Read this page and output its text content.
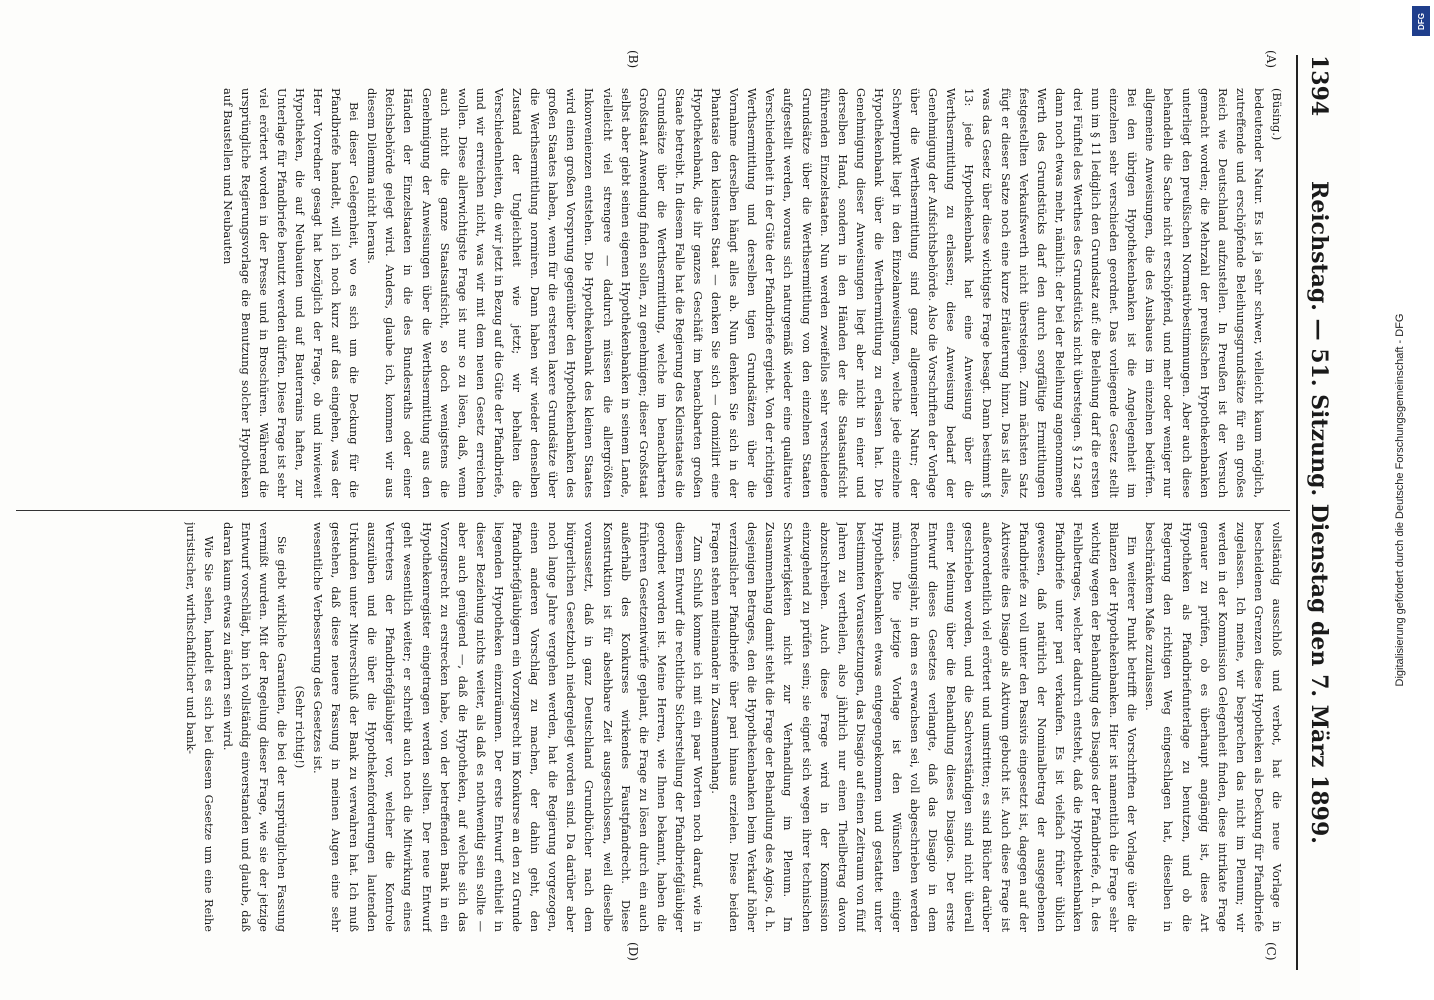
1394
Reichstag. — 51. Sitzung. Dienstag den 7. März 1899.
(A)
(B)
(C)
(D)

(Büsing.)

bedeutender Natur. Es ist ja sehr schwer, vielleicht kaum möglich, zutreffende und erschöpfende Beleihungsgrundsätze für ein großes Reich wie Deutschland aufzustellen. In Preußen ist der Versuch gemacht worden; die Mehrzahl der preußischen Hypothekenbanken unterliegt den preußischen Normativbestimmungen. Aber auch diese behandeln die Sache nicht erschöpfend, und mehr oder weniger nur allgemeine Anweisungen, die des Ausbaues im einzelnen bedürfen. Bei den übrigen Hypothekenbanken ist die Angelegenheit im einzelnen sehr verschieden geordnet. Das vorliegende Gesetz stellt nun im § 11 lediglich den Grundsatz auf: die Beleihung darf die ersten drei Fünftel des Werthes des Grundstücks nicht übersteigen. § 12 sagt dann noch etwas mehr, nämlich: der bei der Beleihung angenommene Werth des Grundstücks darf den durch sorgfältige Ermittlungen festgestellten Verkaufswerth nicht übersteigen. Zum nächsten Satz fügt er dieser Satze noch eine kurze Erläuterung hinzu. Das ist alles, was das Gesetz über diese wichtigste Frage besagt. Dann bestimmt § 13: jede Hypothekenbank hat eine Anweisung über die Werthsermittlung zu erlassen; diese Anweisung bedarf der Genehmigung der Aufsichtsbehörde. Also die Vorschriften der Vorlage über die Werthsermittlung sind ganz allgemeiner Natur; der Schwerpunkt liegt in den Einzelanweisungen, welche jede einzelne Hypothekenbank über die Werthermittlung zu erlassen hat. Die Genehmigung dieser Anweisungen liegt aber nicht in einer und derselben Hand, sondern in den Händen der die Staatsaufsicht führenden Einzelstaaten. Nun werden zweifellos sehr verschiedene Grundsätze über die Werthsermittlung von den einzelnen Staaten aufgestellt werden, woraus sich naturgemäß wieder eine qualitative Verschiedenheit in der Güte der Pfandbriefe ergiebt. Von der richtigen Werthsermittlung und derselben tigen Grundsätzen über die Vornahme derselben hängt alles ab. Nun denken Sie sich in der Phantasie den kleinsten Staat — denken Sie sich — domizilirt eine Hypothekenbank, die ihr ganzes Geschäft im benachbarten großen Staate betreibt. In diesem Falle hat die Regierung des Kleinstaates die Grundsätze über die Werthsermittlung, welche im benachbarten Großstaat Anwendung finden sollen, zu genehmigen; dieser Großstaat selbst aber giebt seinen eigenen Hypothekenbanken in seinem Lande, vielleicht viel strengere — dadurch müssen die allergrößten Inkonvenienzen entstehen. Die Hypothekenbank des kleinen Staates wird einen großen Vorsprung gegenüber den Hypothekenbanken des großen Staates haben, wenn für die ersteren laxere Grundsätze über die Werthsermittlung normiren. Dann haben wir wieder denselben Zustand der Ungleichheit wie jetzt; wir behalten die Verschiedenheiten, die wir jetzt in Bezug auf die Güte der Pfandbriefe, und wir erreichen nicht, was wir mit dem neuen Gesetz erreichen wollen. Diese allerwichtigste Frage ist nur so zu lösen, daß, wenn auch nicht die ganze Staatsaufsicht, so doch wenigstens die Genehmigung der Anweisungen über die Werthsermittlung aus den Händen der Einzelstaaten in die des Bundesraths oder einer Reichsbehörde gelegt wird. Anders, glaube ich, kommen wir aus diesem Dilemma nicht heraus.

Bei dieser Gelegenheit, wo es sich um die Deckung für die Pfandbriefe handelt, will ich noch kurz auf das eingehen, was der Herr Vorredner gesagt hat bezüglich der Frage, ob und inwieweit Hypotheken, die auf Neubauten und auf Bauterrains haften, zur Unterlage für Pfandbriefe benutzt werden dürfen. Diese Frage ist sehr viel erörtert worden in der Presse und in Broschüren. Während die ursprüngliche Regierungsvorlage die Benutzung solcher Hypotheken auf Baustellen und Neubauten

vollständig ausschloß und verbot, hat die neue Vorlage in bescheidenen Grenzen diese Hypotheken als Deckung für Pfandbriefe zugelassen. Ich meine, wir besprechen das nicht im Plenum; wir werden in der Kommission Gelegenheit finden, diese intrikate Frage genauer zu prüfen, ob es überhaupt angängig ist, diese Art Hypotheken als Pfandbriefunterlage zu benutzen, und ob die Regierung den richtigen Weg eingeschlagen hat, dieselben in beschränktem Maße zuzulassen.

Ein weiterer Punkt betrifft die Vorschriften der Vorlage über die Bilanzen der Hypothekenbanken. Hier ist namentlich die Frage sehr wichtig wegen der Behandlung des Disagios der Pfandbriefe, d. h. des Fehlbetrages, welcher dadurch entsteht, daß die Hypothekenbanken Pfandbriefe unter pari verkaufen. Es ist vielfach früher üblich gewesen, daß natürlich der Nominalbetrag der ausgegebenen Pfandbriefe zu voll unter den Passivis eingesetzt ist, dagegen auf der Aktivseite dies Disagio als Aktivum gebucht ist. Auch diese Frage ist außerordentlich viel erörtert und umstritten; es sind Bücher darüber geschrieben worden, und die Sachverständigen sind nicht überall einer Meinung über die Behandlung dieses Disagios. Der erste Entwurf dieses Gesetzes verlangte, daß das Disagio in dem Rechnungsjahr, in dem es erwachsen sei, voll abgeschrieben werden müsse. Die jetzige Vorlage ist den Wünschen einiger Hypothekenbanken etwas entgegengekommen und gestattet unter bestimmten Voraussetzungen, das Disagio auf einen Zeitraum von fünf Jahren zu vertheilen, also jährlich nur einen Theilbetrag davon abzuschreiben. Auch diese Frage wird in der Kommission einzugehend zu prüfen sein; sie eignet sich wegen ihrer technischen Schwierigkeiten nicht zur Verhandlung im Plenum. Im Zusammenhang damit steht die Frage der Behandlung des Agios, d. h. desjenigen Betrages, den die Hypothekenbanken beim Verkauf höher verzinslicher Pfandbriefe über pari hinaus erzielen. Diese beiden Fragen stehen miteinander in Zusammenhang.

Zum Schluß komme ich mit ein paar Worten noch darauf, wie in diesem Entwurf die rechtliche Sicherstellung der Pfandbriefgläubiger geordnet worden ist. Meine Herren, wie Ihnen bekannt, haben die früheren Gesetzentwürfe geplant, die Frage zu lösen durch ein auch außerhalb des Konkurses wirkendes Faustpfandrecht. Diese Konstruktion ist für absehbare Zeit ausgeschlossen, weil dieselbe voraussetzt, daß in ganz Deutschland Grundbücher nach dem bürgerlichen Gesetzbuch niedergelegt worden sind. Da darüber aber noch lange Jahre vergehen werden, hat die Regierung vorgezogen, einen anderen Vorschlag zu machen, der dahin geht, den Pfandbriefgläubigern ein Vorzugsrecht im Konkurse an den zu Grunde liegenden Hypotheken einzuräumen. Der erste Entwurf enthielt in dieser Beziehung nichts weiter, als daß es nothwendig sein sollte — aber auch genügend —, daß die Hypotheken, auf welche sich das Vorzugsrecht zu erstrecken habe, von der betreffenden Bank in ein Hypothekenregister eingetragen werden sollten. Der neue Entwurf geht wesentlich weiter; er schreibt auch noch die Mitwirkung eines Vertreters der Pfandbriefgläubiger vor, welcher die Kontrole auszuüben und die über die Hypothekenforderungen lautenden Urkunden unter Mitverschluß der Bank zu verwahren hat. Ich muß gestehen, daß diese neuere Fassung in meinen Augen eine sehr wesentliche Verbesserung des Gesetzes ist.

(Sehr richtig!)

Sie giebt wirkliche Garantien, die bei der ursprünglichen Fassung vermißt wurden. Mit der Regelung dieser Frage, wie sie der jetzige Entwurf vorschlägt, bin ich vollständig einverstanden und glaube, daß daran kaum etwas zu ändern sein wird.

Wie Sie sehen, handelt es sich bei diesem Gesetze um eine Reihe juristischer, wirthschaftlicher und bank-

DFG
Digitalisierung gefördert durch die Deutsche Forschungsgemeinschaft - DFG
